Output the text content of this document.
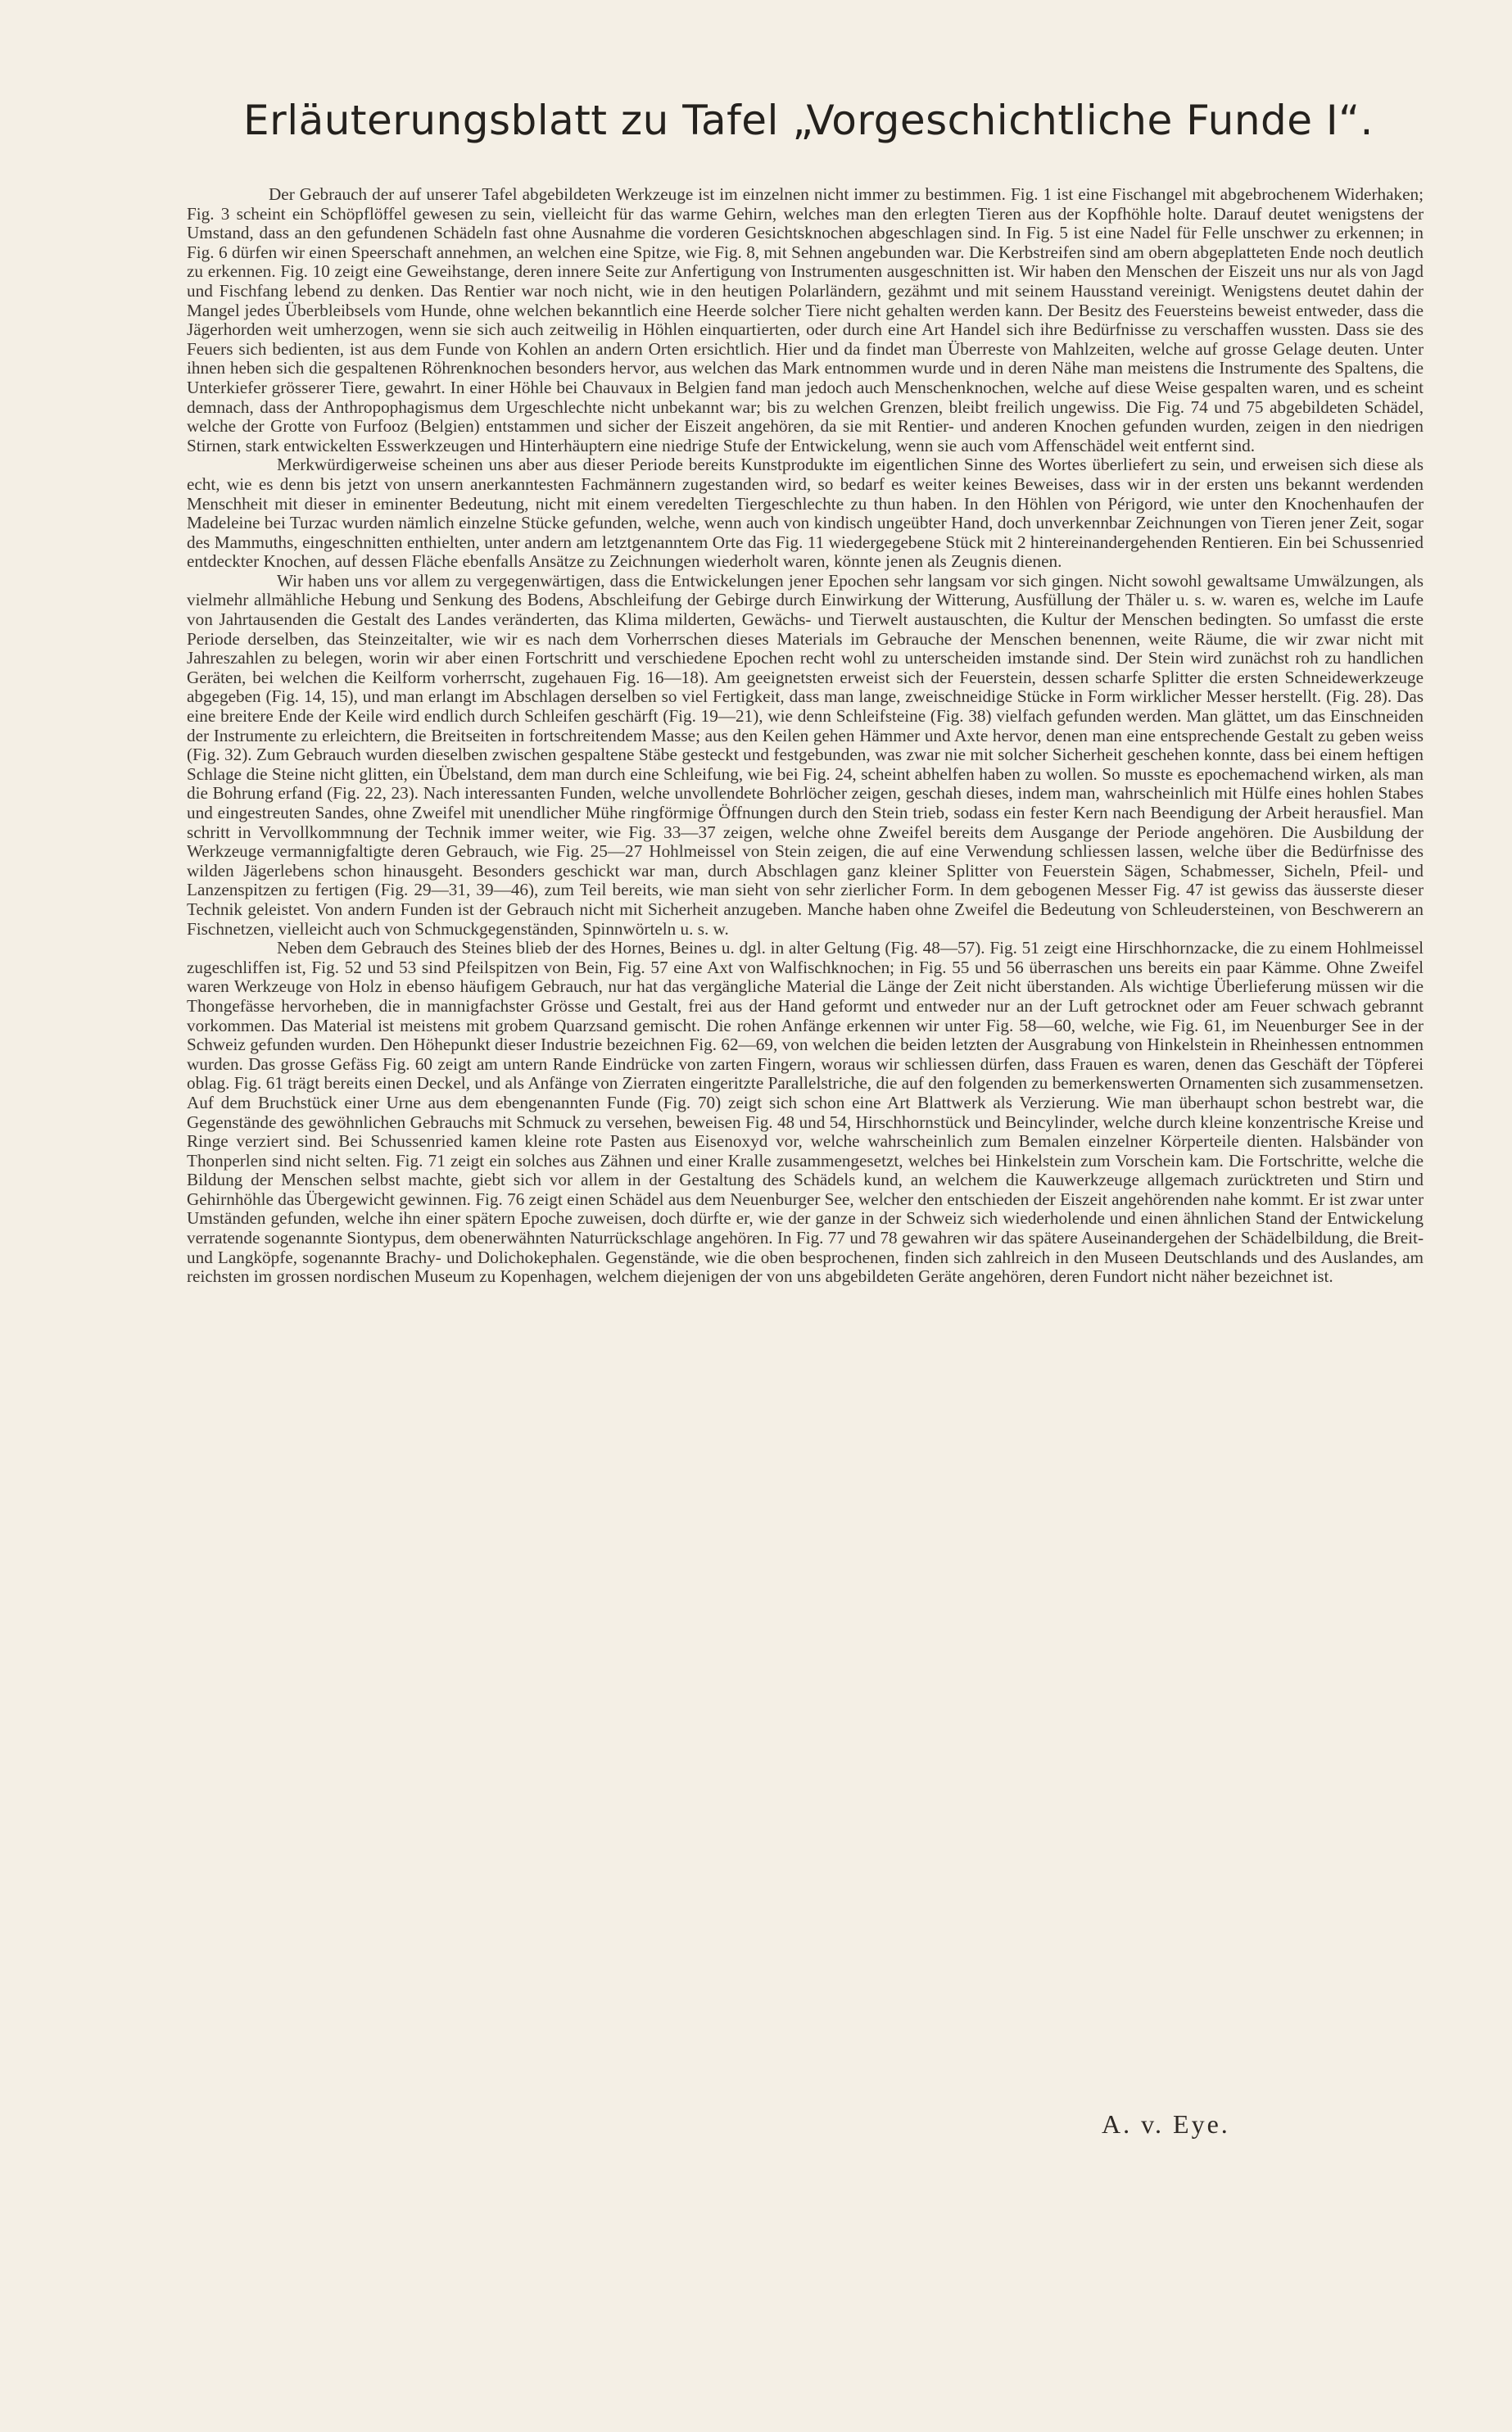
Erläuterungsblatt zu Tafel „Vorgeschichtliche Funde I“.

Der Gebrauch der auf unserer Tafel abgebildeten Werkzeuge ist im einzelnen nicht immer zu bestimmen. Fig. 1 ist eine Fischangel mit abgebrochenem Widerhaken; Fig. 3 scheint ein Schöpflöffel gewesen zu sein, vielleicht für das warme Gehirn, welches man den erlegten Tieren aus der Kopfhöhle holte. Darauf deutet wenigstens der Umstand, dass an den gefundenen Schädeln fast ohne Ausnahme die vorderen Gesichtsknochen abgeschlagen sind. In Fig. 5 ist eine Nadel für Felle unschwer zu erkennen; in Fig. 6 dürfen wir einen Speerschaft annehmen, an welchen eine Spitze, wie Fig. 8, mit Sehnen angebunden war. Die Kerbstreifen sind am obern abgeplatteten Ende noch deutlich zu erkennen. Fig. 10 zeigt eine Geweihstange, deren innere Seite zur Anfertigung von Instrumenten ausgeschnitten ist. Wir haben den Menschen der Eiszeit uns nur als von Jagd und Fischfang lebend zu denken. Das Rentier war noch nicht, wie in den heutigen Polarländern, gezähmt und mit seinem Hausstand vereinigt. Wenigstens deutet dahin der Mangel jedes Überbleibsels vom Hunde, ohne welchen bekanntlich eine Heerde solcher Tiere nicht gehalten werden kann. Der Besitz des Feuersteins beweist entweder, dass die Jägerhorden weit umherzogen, wenn sie sich auch zeitweilig in Höhlen einquartierten, oder durch eine Art Handel sich ihre Bedürfnisse zu verschaffen wussten. Dass sie des Feuers sich bedienten, ist aus dem Funde von Kohlen an andern Orten ersichtlich. Hier und da findet man Überreste von Mahlzeiten, welche auf grosse Gelage deuten. Unter ihnen heben sich die gespaltenen Röhrenknochen besonders hervor, aus welchen das Mark entnommen wurde und in deren Nähe man meistens die Instrumente des Spaltens, die Unterkiefer grösserer Tiere, gewahrt. In einer Höhle bei Chauvaux in Belgien fand man jedoch auch Menschenknochen, welche auf diese Weise gespalten waren, und es scheint demnach, dass der Anthropophagismus dem Urgeschlechte nicht unbekannt war; bis zu welchen Grenzen, bleibt freilich ungewiss. Die Fig. 74 und 75 abgebildeten Schädel, welche der Grotte von Furfooz (Belgien) entstammen und sicher der Eiszeit angehören, da sie mit Rentier- und anderen Knochen gefunden wurden, zeigen in den niedrigen Stirnen, stark entwickelten Esswerkzeugen und Hinterhäuptern eine niedrige Stufe der Entwickelung, wenn sie auch vom Affenschädel weit entfernt sind.

Merkwürdigerweise scheinen uns aber aus dieser Periode bereits Kunstprodukte im eigentlichen Sinne des Wortes überliefert zu sein, und erweisen sich diese als echt, wie es denn bis jetzt von unsern anerkanntesten Fachmännern zugestanden wird, so bedarf es weiter keines Beweises, dass wir in der ersten uns bekannt werdenden Menschheit mit dieser in eminenter Bedeutung, nicht mit einem veredelten Tiergeschlechte zu thun haben. In den Höhlen von Périgord, wie unter den Knochenhaufen der Madeleine bei Turzac wurden nämlich einzelne Stücke gefunden, welche, wenn auch von kindisch ungeübter Hand, doch unverkennbar Zeichnungen von Tieren jener Zeit, sogar des Mammuths, eingeschnitten enthielten, unter andern am letztgenanntem Orte das Fig. 11 wiedergegebene Stück mit 2 hintereinandergehenden Rentieren. Ein bei Schussenried entdeckter Knochen, auf dessen Fläche ebenfalls Ansätze zu Zeichnungen wiederholt waren, könnte jenen als Zeugnis dienen.

Wir haben uns vor allem zu vergegenwärtigen, dass die Entwickelungen jener Epochen sehr langsam vor sich gingen. Nicht sowohl gewaltsame Umwälzungen, als vielmehr allmähliche Hebung und Senkung des Bodens, Abschleifung der Gebirge durch Einwirkung der Witterung, Ausfüllung der Thäler u. s. w. waren es, welche im Laufe von Jahrtausenden die Gestalt des Landes veränderten, das Klima milderten, Gewächs- und Tierwelt austauschten, die Kultur der Menschen bedingten. So umfasst die erste Periode derselben, das Steinzeitalter, wie wir es nach dem Vorherrschen dieses Materials im Gebrauche der Menschen benennen, weite Räume, die wir zwar nicht mit Jahreszahlen zu belegen, worin wir aber einen Fortschritt und verschiedene Epochen recht wohl zu unterscheiden imstande sind. Der Stein wird zunächst roh zu handlichen Geräten, bei welchen die Keilform vorherrscht, zugehauen Fig. 16—18). Am geeignetsten erweist sich der Feuerstein, dessen scharfe Splitter die ersten Schneidewerkzeuge abgegeben (Fig. 14, 15), und man erlangt im Abschlagen derselben so viel Fertigkeit, dass man lange, zweischneidige Stücke in Form wirklicher Messer herstellt. (Fig. 28). Das eine breitere Ende der Keile wird endlich durch Schleifen geschärft (Fig. 19—21), wie denn Schleifsteine (Fig. 38) vielfach gefunden werden. Man glättet, um das Einschneiden der Instrumente zu erleichtern, die Breitseiten in fortschreitendem Masse; aus den Keilen gehen Hämmer und Axte hervor, denen man eine entsprechende Gestalt zu geben weiss (Fig. 32). Zum Gebrauch wurden dieselben zwischen gespaltene Stäbe gesteckt und festgebunden, was zwar nie mit solcher Sicherheit geschehen konnte, dass bei einem heftigen Schlage die Steine nicht glitten, ein Übelstand, dem man durch eine Schleifung, wie bei Fig. 24, scheint abhelfen haben zu wollen. So musste es epochemachend wirken, als man die Bohrung erfand (Fig. 22, 23). Nach interessanten Funden, welche unvollendete Bohrlöcher zeigen, geschah dieses, indem man, wahrscheinlich mit Hülfe eines hohlen Stabes und eingestreuten Sandes, ohne Zweifel mit unendlicher Mühe ringförmige Öffnungen durch den Stein trieb, sodass ein fester Kern nach Beendigung der Arbeit herausfiel. Man schritt in Vervollkommnung der Technik immer weiter, wie Fig. 33—37 zeigen, welche ohne Zweifel bereits dem Ausgange der Periode angehören. Die Ausbildung der Werkzeuge vermannigfaltigte deren Gebrauch, wie Fig. 25—27 Hohlmeissel von Stein zeigen, die auf eine Verwendung schliessen lassen, welche über die Bedürfnisse des wilden Jägerlebens schon hinausgeht. Besonders geschickt war man, durch Abschlagen ganz kleiner Splitter von Feuerstein Sägen, Schabmesser, Sicheln, Pfeil- und Lanzenspitzen zu fertigen (Fig. 29—31, 39—46), zum Teil bereits, wie man sieht von sehr zierlicher Form. In dem gebogenen Messer Fig. 47 ist gewiss das äusserste dieser Technik geleistet. Von andern Funden ist der Gebrauch nicht mit Sicherheit anzugeben. Manche haben ohne Zweifel die Bedeutung von Schleudersteinen, von Beschwerern an Fischnetzen, vielleicht auch von Schmuckgegenständen, Spinnwörteln u. s. w.

Neben dem Gebrauch des Steines blieb der des Hornes, Beines u. dgl. in alter Geltung (Fig. 48—57). Fig. 51 zeigt eine Hirschhornzacke, die zu einem Hohlmeissel zugeschliffen ist, Fig. 52 und 53 sind Pfeilspitzen von Bein, Fig. 57 eine Axt von Walfischknochen; in Fig. 55 und 56 überraschen uns bereits ein paar Kämme. Ohne Zweifel waren Werkzeuge von Holz in ebenso häufigem Gebrauch, nur hat das vergängliche Material die Länge der Zeit nicht überstanden. Als wichtige Überlieferung müssen wir die Thongefässe hervorheben, die in mannigfachster Grösse und Gestalt, frei aus der Hand geformt und entweder nur an der Luft getrocknet oder am Feuer schwach gebrannt vorkommen. Das Material ist meistens mit grobem Quarzsand gemischt. Die rohen Anfänge erkennen wir unter Fig. 58—60, welche, wie Fig. 61, im Neuenburger See in der Schweiz gefunden wurden. Den Höhepunkt dieser Industrie bezeichnen Fig. 62—69, von welchen die beiden letzten der Ausgrabung von Hinkelstein in Rheinhessen entnommen wurden. Das grosse Gefäss Fig. 60 zeigt am untern Rande Eindrücke von zarten Fingern, woraus wir schliessen dürfen, dass Frauen es waren, denen das Geschäft der Töpferei oblag. Fig. 61 trägt bereits einen Deckel, und als Anfänge von Zierraten eingeritzte Parallelstriche, die auf den folgenden zu bemerkenswerten Ornamenten sich zusammensetzen. Auf dem Bruchstück einer Urne aus dem ebengenannten Funde (Fig. 70) zeigt sich schon eine Art Blattwerk als Verzierung. Wie man überhaupt schon bestrebt war, die Gegenstände des gewöhnlichen Gebrauchs mit Schmuck zu versehen, beweisen Fig. 48 und 54, Hirschhornstück und Beincylinder, welche durch kleine konzentrische Kreise und Ringe verziert sind. Bei Schussenried kamen kleine rote Pasten aus Eisenoxyd vor, welche wahrscheinlich zum Bemalen einzelner Körperteile dienten. Halsbänder von Thonperlen sind nicht selten. Fig. 71 zeigt ein solches aus Zähnen und einer Kralle zusammengesetzt, welches bei Hinkelstein zum Vorschein kam. Die Fortschritte, welche die Bildung der Menschen selbst machte, giebt sich vor allem in der Gestaltung des Schädels kund, an welchem die Kauwerkzeuge allgemach zurücktreten und Stirn und Gehirnhöhle das Übergewicht gewinnen. Fig. 76 zeigt einen Schädel aus dem Neuenburger See, welcher den entschieden der Eiszeit angehörenden nahe kommt. Er ist zwar unter Umständen gefunden, welche ihn einer spätern Epoche zuweisen, doch dürfte er, wie der ganze in der Schweiz sich wiederholende und einen ähnlichen Stand der Entwickelung verratende sogenannte Siontypus, dem obenerwähnten Naturrückschlage angehören. In Fig. 77 und 78 gewahren wir das spätere Auseinandergehen der Schädelbildung, die Breit- und Langköpfe, sogenannte Brachy- und Dolichokephalen. Gegenstände, wie die oben besprochenen, finden sich zahlreich in den Museen Deutschlands und des Auslandes, am reichsten im grossen nordischen Museum zu Kopenhagen, welchem diejenigen der von uns abgebildeten Geräte angehören, deren Fundort nicht näher bezeichnet ist.

A. v. Eye.
